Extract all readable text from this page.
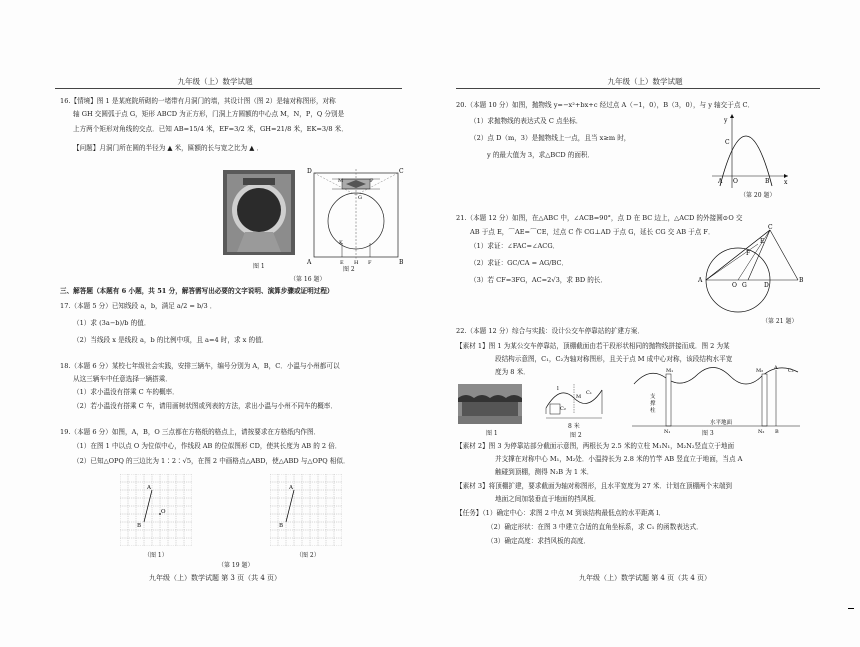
九年级（上）数学试题
16.【情境】图 1 是某庭院所砌的一堵带有月洞门的墙，其设计图（图 2）是轴对称图形，对称
轴 GH 交圆弧于点 G，矩形 ABCD 为正方形，门洞上方圆额的中心点 M，N，P，Q 分别是
上方两个矩形对角线的交点．已知 AB=15/4 米，EF=3/2 米，GH=21/8 米，EK=3/8 米．
【问题】月洞门所在圆的半径为 ▲ 米，匾额的长与宽之比为 ▲ ．
图 1
D	C
M	P
G
K
A	E H F	B
图 2
（第 16 题）
三、解答题（本题有 6 小题，共 51 分，解答需写出必要的文字说明、演算步骤或证明过程）
17.（本题 5 分）已知线段 a，b，满足 a/2 = b/3 ．
（1）求 (3a−b)/b 的值．
（2）当线段 x 是线段 a，b 的比例中项，且 a=4 时，求 x 的值．
18.（本题 6 分）某校七年级社会实践，安排三辆车，编号分别为 A，B，C．小温与小州都可以
从这三辆车中任意选择一辆搭乘．
（1）求小温没有搭乘 C 车的概率．
（2）若小温没有搭乘 C 车，请用画树状图或列表的方法，求出小温与小州不同车的概率．
19.（本题 6 分）如图，A，B，O 三点都在方格纸的格点上，请按要求在方格纸内作图．
（1）在图 1 中以点 O 为位似中心，作线段 AB 的位似图形 CD，使其长度为 AB 的 2 倍．
（2）已知△OPQ 的三边比为 1∶2∶√5，在图 2 中画格点△ABD，使△ABD 与△OPQ 相似．
A
B
O
A
B
（图 1）	（图 2）
（第 19 题）
九年级（上）数学试题 第 3 页（共 4 页）
九年级（上）数学试题
20.（本题 10 分）如图，抛物线 y=−x²+bx+c 经过点 A（−1，0），B（3，0），与 y 轴交于点 C．
（1）求抛物线的表达式及 C 点坐标．
（2）点 D（m，3）是抛物线上一点，且当 x≥m 时，
y 的最大值为 3，求△BCD 的面积．
y
x
C
A O	B
（第 20 题）
21.（本题 12 分）如图，在△ABC 中，∠ACB=90°，点 D 在 BC 边上，△ACD 的外接圆⊙O 交
AB 于点 E，⌒AE=⌒CE，过点 C 作 CG⊥AD 于点 G，延长 CG 交 AB 于点 F．
（1）求证：∠FAC=∠ACG．
（2）求证：GC/CA = AG/BC．
（3）若 CF=3FG，AC=2√3，求 BD 的长．
C
E
F
A
O G	D
B
（第 21 题）
22.（本题 12 分）综合与实践：设计公交车停靠站的扩建方案．
【素材 1】图 1 为某公交车停靠站，顶棚截面由若干段形状相同的抛物线拼接而成．图 2 为某
段结构示意图，C₁，C₂为轴对称图形，且关于点 M 成中心对称，该段结构水平宽
度为 8 米．
图 1
l
M
C₁
C₂
8 米
图 2
M₁	M₂ A C₁
支
撑
柱
水平地面
N₁	N₂ B
图 3
【素材 2】图 3 为停靠站部分截面示意图，两根长为 2.5 米的立柱 M₁N₁，M₂N₂竖直立于地面
并支撑在对称中心 M₁，M₂处．小温持长为 2.8 米的竹竿 AB 竖直立于地面，当点 A
触碰到顶棚，测得 N₂B 为 1 米．
【素材 3】将顶棚扩建，要求截面为轴对称图形，且水平宽度为 27 米．计划在顶棚两个末端到
地面之间加装垂直于地面的挡风板．
【任务】（1）确定中心：求图 2 中点 M 到该结构最低点的水平距离 l．
（2）确定形状：在图 3 中建立合适的直角坐标系，求 C₁ 的函数表达式．
（3）确定高度：求挡风板的高度．
九年级（上）数学试题 第 4 页（共 4 页）
